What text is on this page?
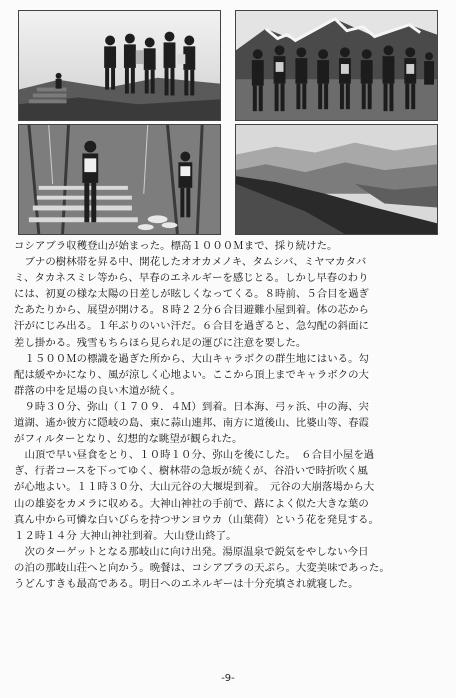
コシアブラ収穫登山が始まった。標高１０００Ｍまで、採り続けた。

　ブナの樹林帯を昇る中、開花したオオカメノキ、タムシバ、ミヤマカタバ

ミ、タカネスミレ等から、早春のエネルギーを感じとる。しかし早春のわり

には、初夏の様な太陽の日差しが眩しくなってくる。８時前、５合目を過ぎ

たあたりから、展望が開ける。８時２２分６合目避難小屋到着。体の芯から

汗がにじみ出る。１年ぶりのいい汗だ。６合目を過ぎると、急勾配の斜面に

差し掛かる。残雪もちらほら見られ足の運びに注意を要した。

　１５００Ｍの標識を過ぎた所から、大山キャラボクの群生地にはいる。勾

配は緩やかになり、風が涼しく心地よい。ここから頂上までキャラボクの大

群落の中を足場の良い木道が続く。

　９時３０分、弥山（１７０９．４Ｍ）到着。日本海、弓ヶ浜、中の海、宍

道湖、遙か彼方に隠岐の島、東に蒜山連邦、南方に道後山、比婆山等、春霞

がフィルターとなり、幻想的な眺望が観られた。

　山頂で早い昼食をとり、１０時１０分、弥山を後にした。　６合目小屋を過

ぎ、行者コースを下ってゆく、樹林帯の急坂が続くが、谷沿いで時折吹く風

が心地よい。１１時３０分、大山元谷の大堰堤到着。　元谷の大崩落場から大

山の雄姿をカメラに収める。大神山神社の手前で、蕗によく似た大きな葉の

真ん中から可憐な白いびらを持つサンヨウカ（山葉荷）という花を発見する。

１２時１４分 大神山神社到着。大山登山終了。

　次のターゲットとなる那岐山に向け出発。湯原温泉で鋭気をやしない今日

の泊の那岐山荘へと向かう。晩餐は、コシアブラの天ぷら。大変美味であった。

うどんすきも最高である。明日へのエネルギーは十分充填され就寝した。

-9-
